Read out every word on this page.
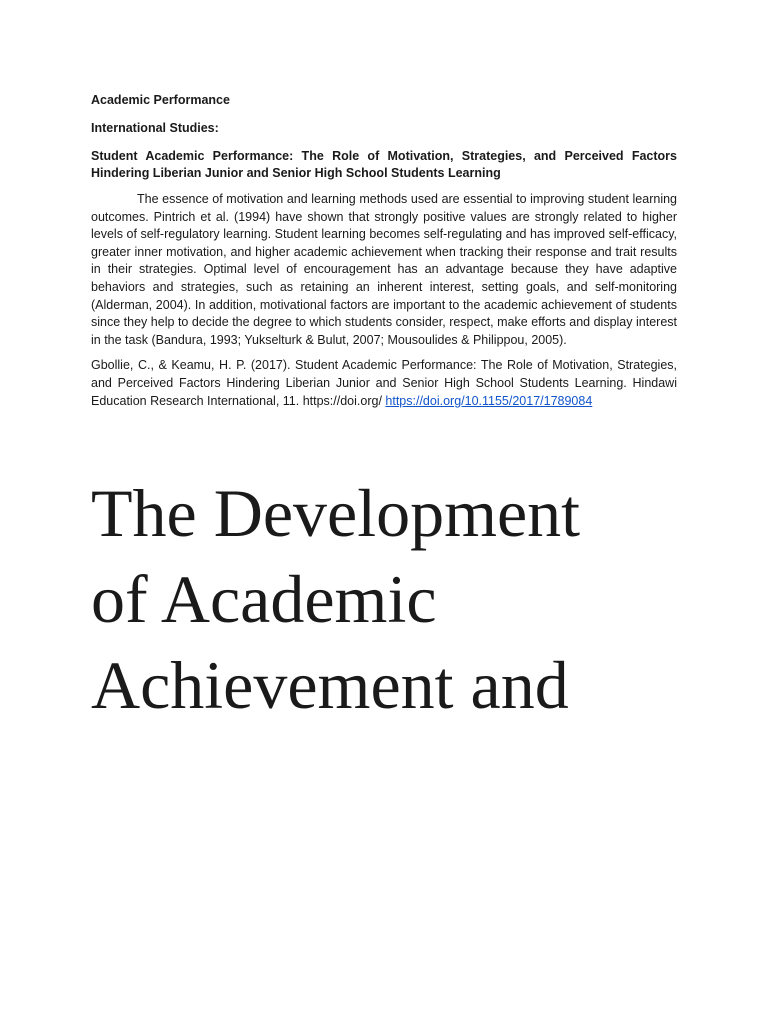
Academic Performance

International Studies:

Student Academic Performance: The Role of Motivation, Strategies, and Perceived Factors Hindering Liberian Junior and Senior High School Students Learning

The essence of motivation and learning methods used are essential to improving student learning outcomes. Pintrich et al. (1994) have shown that strongly positive values are strongly related to higher levels of self-regulatory learning. Student learning becomes self-regulating and has improved self-efficacy, greater inner motivation, and higher academic achievement when tracking their response and trait results in their strategies. Optimal level of encouragement has an advantage because they have adaptive behaviors and strategies, such as retaining an inherent interest, setting goals, and self-monitoring (Alderman, 2004). In addition, motivational factors are important to the academic achievement of students since they help to decide the degree to which students consider, respect, make efforts and display interest in the task (Bandura, 1993; Yukselturk & Bulut, 2007; Mousoulides & Philippou, 2005).

Gbollie, C., & Keamu, H. P. (2017). Student Academic Performance: The Role of Motivation, Strategies, and Perceived Factors Hindering Liberian Junior and Senior High School Students Learning. Hindawi Education Research International, 11. https://doi.org/ https://doi.org/10.1155/2017/1789084

The Development
of Academic
Achievement and
